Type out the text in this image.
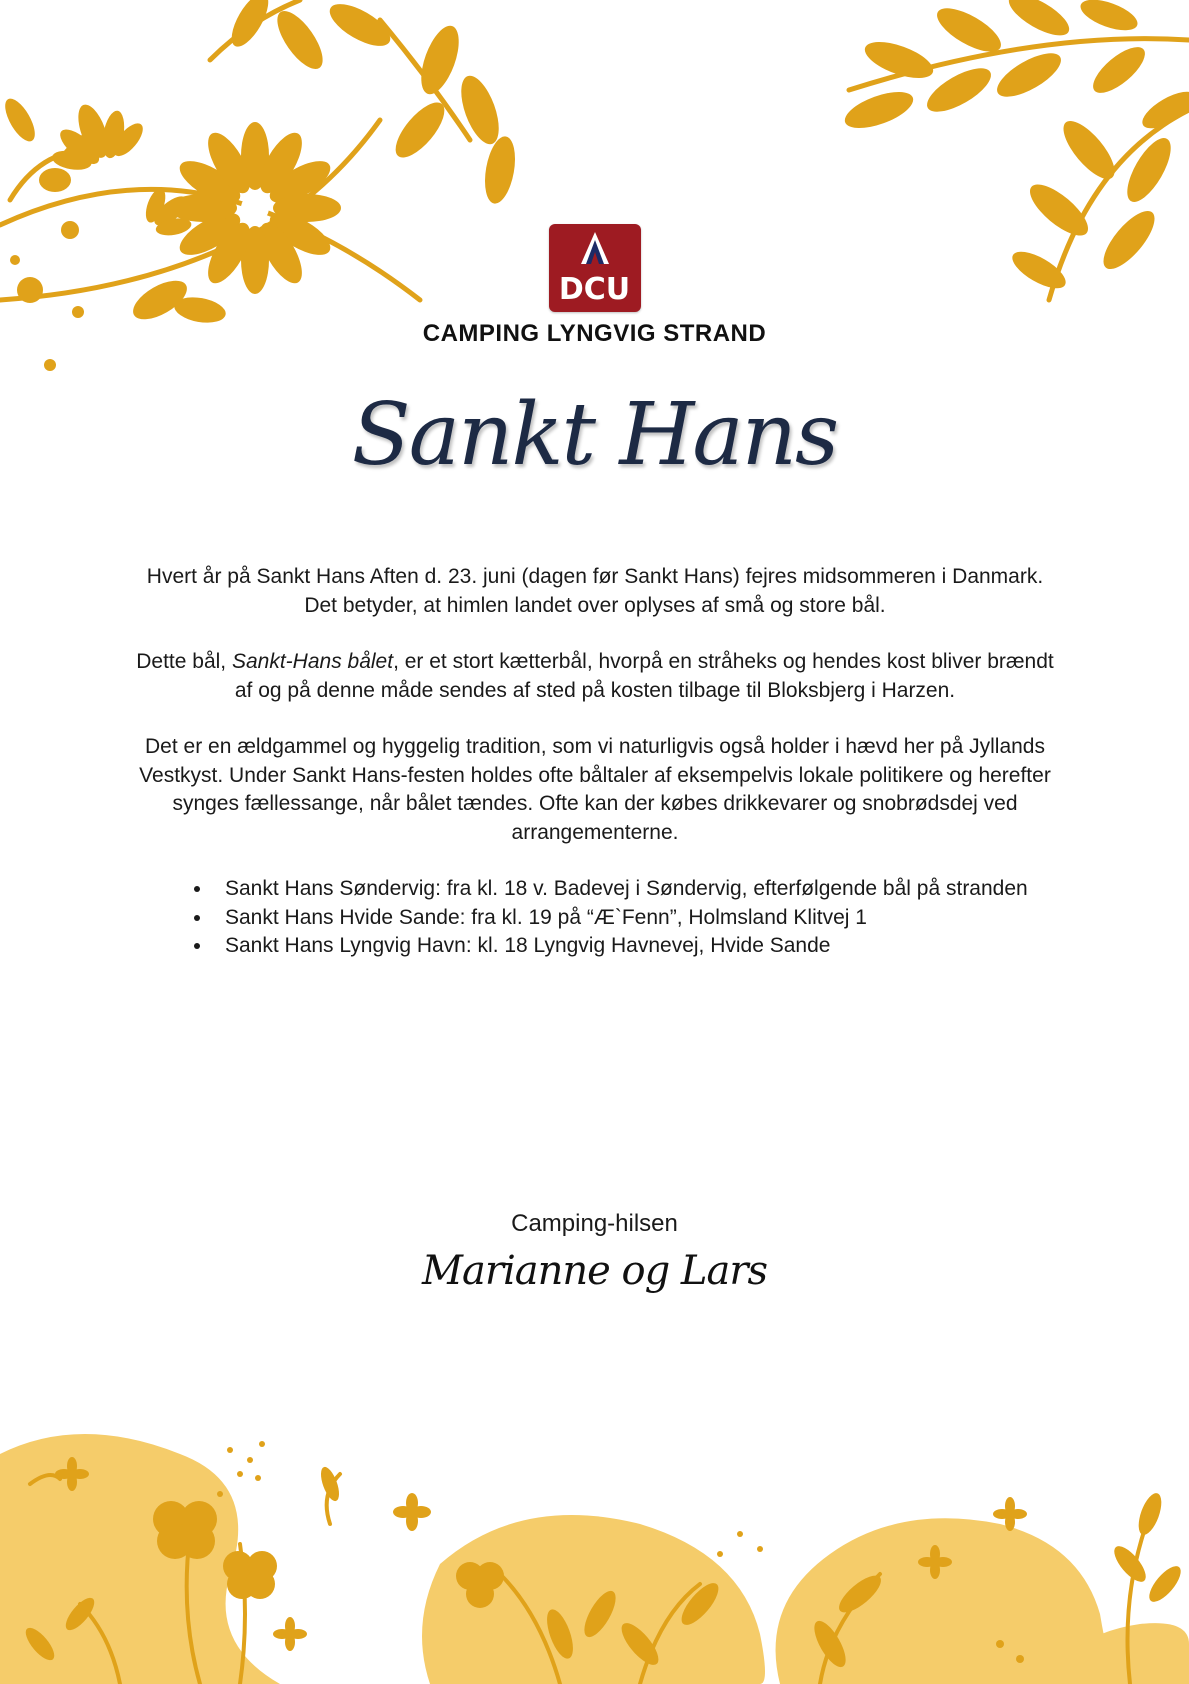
DCU
CAMPING LYNGVIG STRAND
Sankt Hans

Hvert år på Sankt Hans Aften d. 23. juni (dagen før Sankt Hans) fejres midsommeren i Danmark. Det betyder, at himlen landet over oplyses af små og store bål.

Dette bål, Sankt-Hans bålet, er et stort kætterbål, hvorpå en stråheks og hendes kost bliver brændt af og på denne måde sendes af sted på kosten tilbage til Bloksbjerg i Harzen.

Det er en ældgammel og hyggelig tradition, som vi naturligvis også holder i hævd her på Jyllands Vestkyst. Under Sankt Hans-festen holdes ofte båltaler af eksempelvis lokale politikere og herefter synges fællessange, når bålet tændes. Ofte kan der købes drikkevarer og snobrødsdej ved arrangementerne.

• Sankt Hans Søndervig: fra kl. 18 v. Badevej i Søndervig, efterfølgende bål på stranden
• Sankt Hans Hvide Sande: fra kl. 19 på “Æ`Fenn”, Holmsland Klitvej 1
• Sankt Hans Lyngvig Havn: kl. 18 Lyngvig Havnevej, Hvide Sande
Camping-hilsen
Marianne og Lars
